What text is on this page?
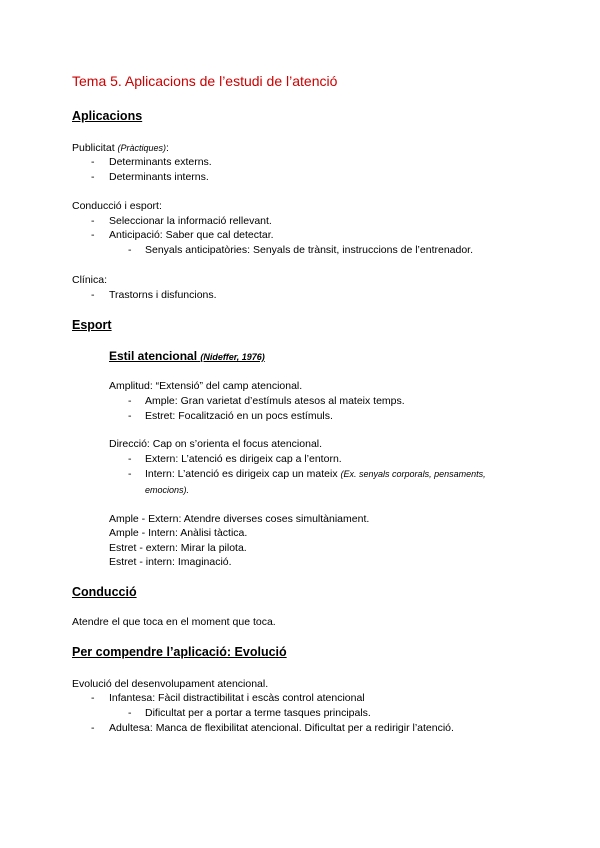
Tema 5. Aplicacions de l’estudi de l’atenció
Aplicacions
Publicitat (Pràctiques):
- Determinants externs.
- Determinants interns.
Conducció i esport:
- Seleccionar la informació rellevant.
- Anticipació: Saber que cal detectar.
- Senyals anticipatòries: Senyals de trànsit, instruccions de l’entrenador.
Clínica:
- Trastorns i disfuncions.
Esport
Estil atencional (Nideffer, 1976)
Amplitud: “Extensió” del camp atencional.
- Ample: Gran varietat d’estímuls atesos al mateix temps.
- Estret: Focalització en un pocs estímuls.
Direcció: Cap on s’orienta el focus atencional.
- Extern: L’atenció es dirigeix cap a l’entorn.
- Intern: L’atenció es dirigeix cap un mateix (Ex. senyals corporals, pensaments,
emocions).
Ample - Extern: Atendre diverses coses simultàniament.
Ample - Intern: Anàlisi tàctica.
Estret - extern: Mirar la pilota.
Estret - intern: Imaginació.
Conducció
Atendre el que toca en el moment que toca.
Per compendre l’aplicació: Evolució
Evolució del desenvolupament atencional.
- Infantesa: Fàcil distractibilitat i escàs control atencional
- Dificultat per a portar a terme tasques principals.
- Adultesa: Manca de flexibilitat atencional. Dificultat per a redirigir l’atenció.
